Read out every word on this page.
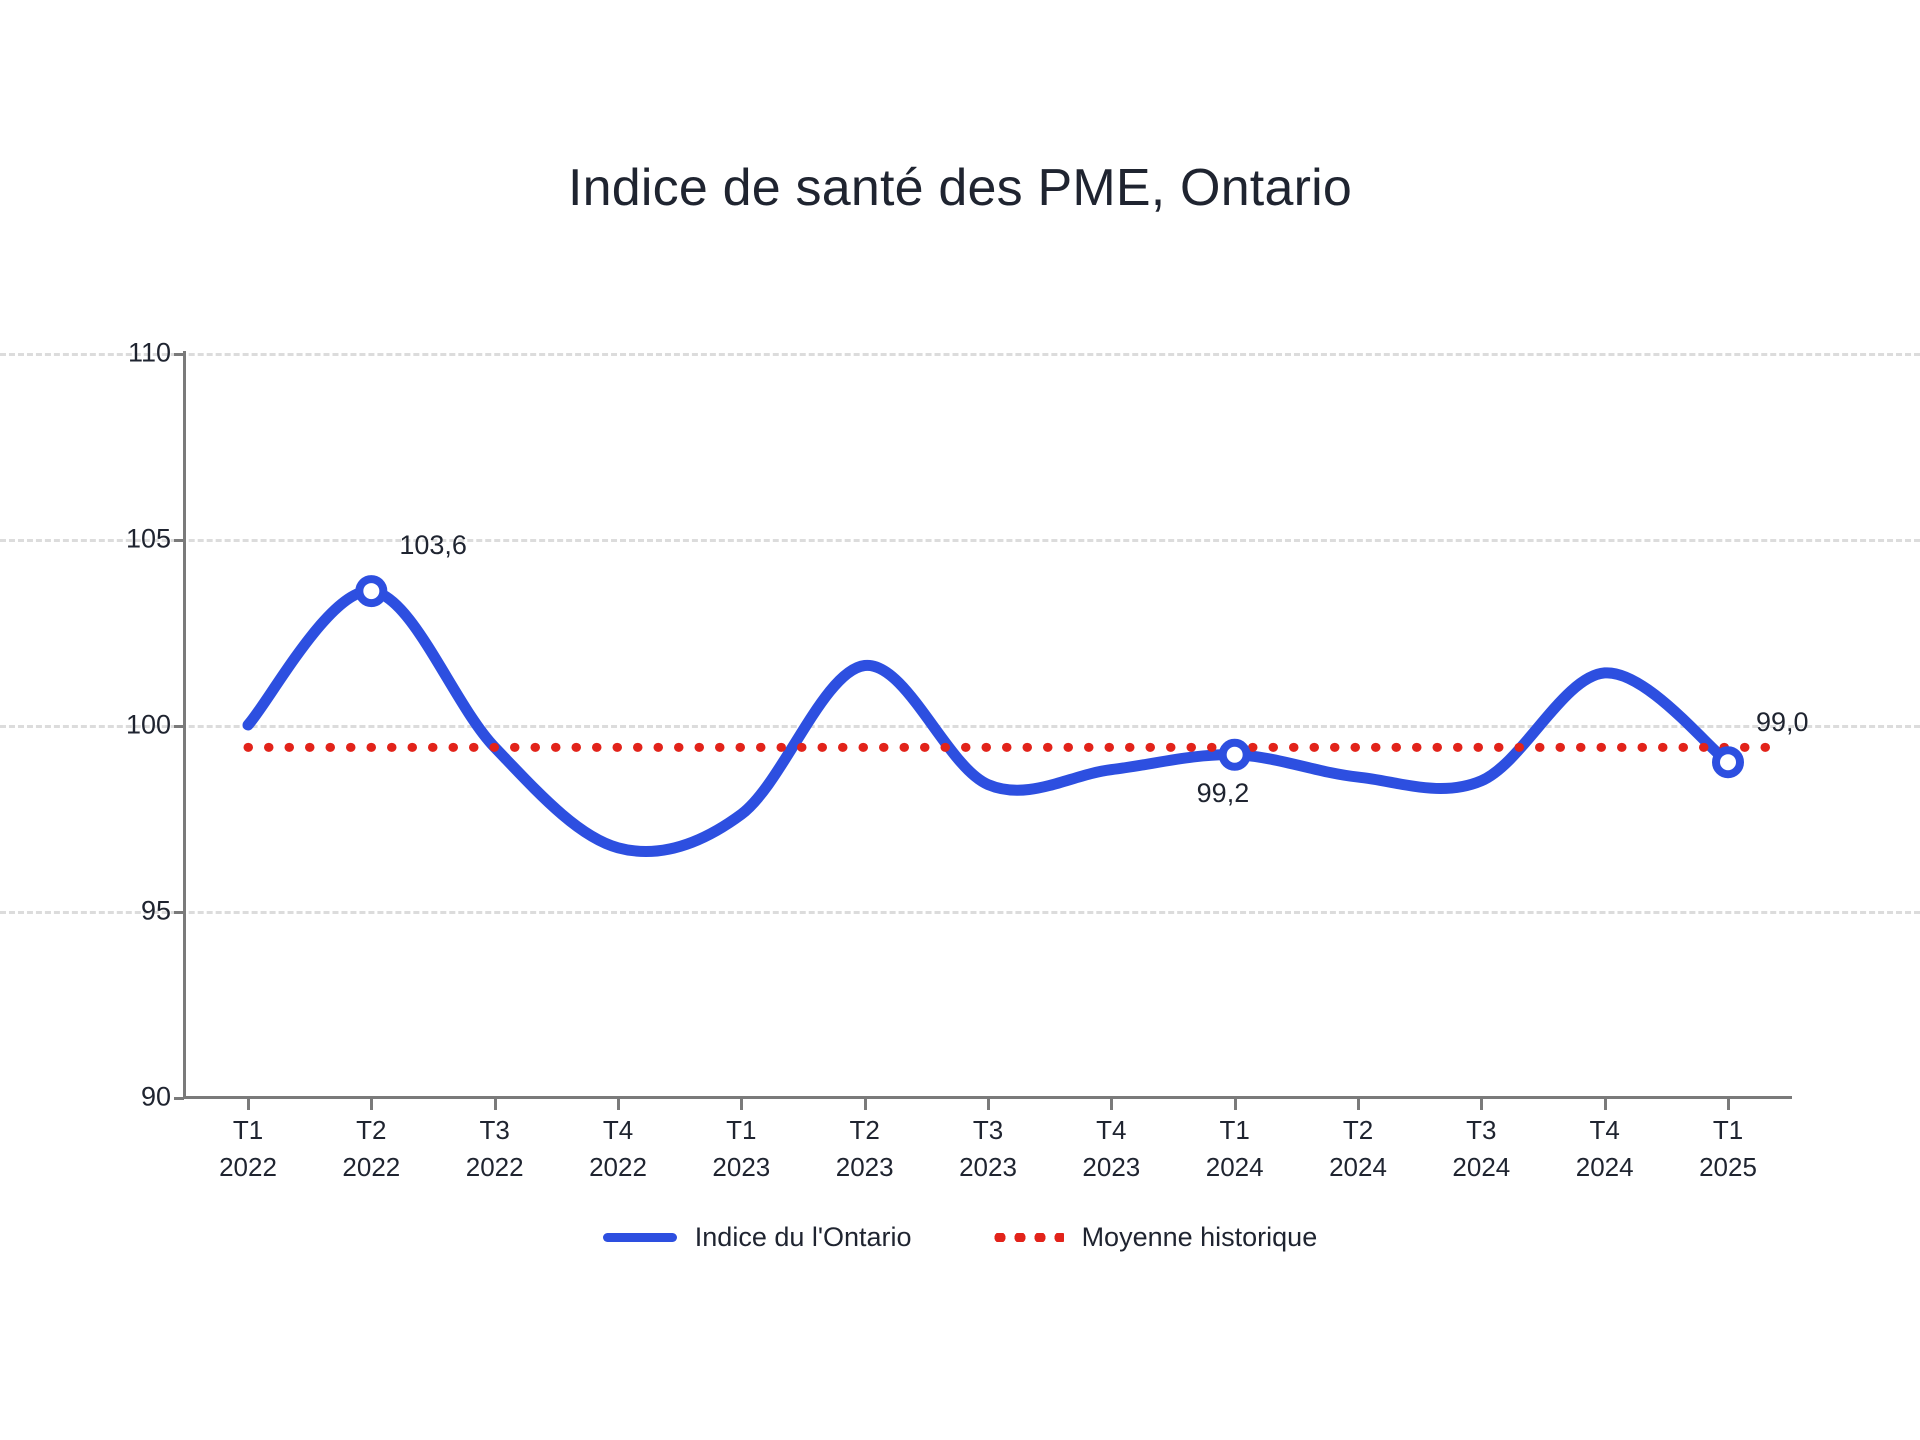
Indice de santé des PME, Ontario
110
105
100
95
90
T1
2022
T2
2022
T3
2022
T4
2022
T1
2023
T2
2023
T3
2023
T4
2023
T1
2024
T2
2024
T3
2024
T4
2024
T1
2025
103,6
99,2
99,0
Indice du l'Ontario	Moyenne historique
